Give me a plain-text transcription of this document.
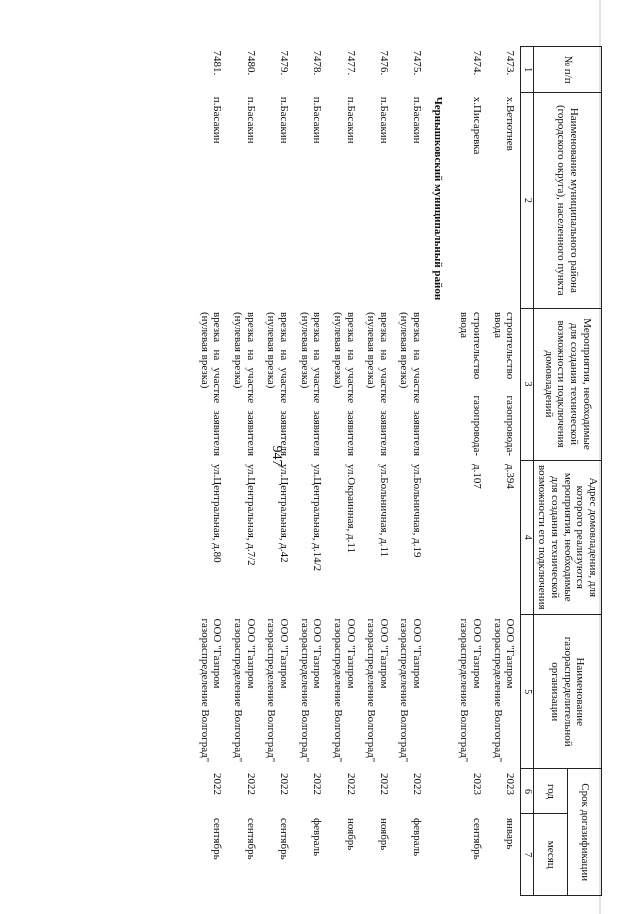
947
№ п/п	Наименование муниципального района (городского округа), населенного пункта	Мероприятия, необходимые для создания технической возможности подключения домовладений	Адрес домовладения, для которого реализуются мероприятия, необходимые для создания технической возможности его подключения	Наименование газораспределительной организации	Срок догазификации	
					год	месяц
1	2	3	4	5	6	7
7473.	х.Ветютнев	строительство газопровода-ввода	д.394	ООО "Газпром газораспределение Волгоград"	2023	январь
7474.	х.Писаревка	строительство газопровода-ввода	д.107	ООО "Газпром газораспределение Волгоград"	2023	сентябрь
	Чернышковский муниципальный район					
7475.	п.Басакин	врезка на участке заявителя (нулевая врезка)	ул.Больничная, д.19	ООО "Газпром газораспределение Волгоград"	2022	февраль
7476.	п.Басакин	врезка на участке заявителя (нулевая врезка)	ул.Больничная, д.11	ООО "Газпром газораспределение Волгоград"	2022	ноябрь
7477.	п.Басакин	врезка на участке заявителя (нулевая врезка)	ул.Окраинная, д.11	ООО "Газпром газораспределение Волгоград"	2022	ноябрь
7478.	п.Басакин	врезка на участке заявителя (нулевая врезка)	ул.Центральная, д.14/2	ООО "Газпром газораспределение Волгоград"	2022	февраль
7479.	п.Басакин	врезка на участке заявителя (нулевая врезка)	ул.Центральная, д.42	ООО "Газпром газораспределение Волгоград"	2022	сентябрь
7480.	п.Басакин	врезка на участке заявителя (нулевая врезка)	ул.Центральная, д.7/2	ООО "Газпром газораспределение Волгоград"	2022	сентябрь
7481.	п.Басакин	врезка на участке заявителя (нулевая врезка)	ул.Центральная, д.80	ООО "Газпром газораспределение Волгоград"	2022	сентябрь
